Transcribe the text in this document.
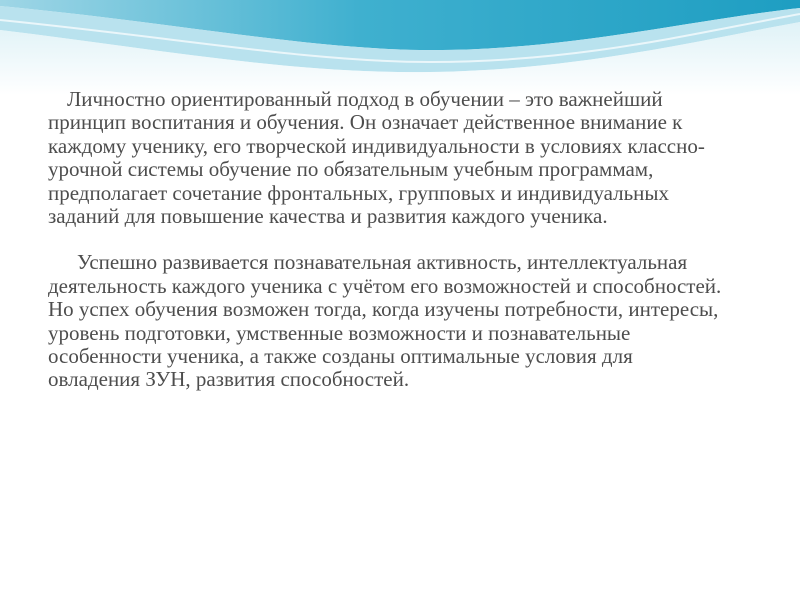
Личностно ориентированный подход в обучении – это важнейший принцип воспитания и обучения. Он означает действенное внимание к каждому ученику, его творческой индивидуальности в условиях классно-урочной системы обучение по обязательным учебным программам, предполагает сочетание фронтальных, групповых и индивидуальных заданий для повышение качества и развития каждого ученика.

Успешно развивается познавательная активность, интеллектуальная деятельность каждого ученика с учётом его возможностей и способностей. Но успех обучения возможен тогда, когда изучены потребности, интересы, уровень подготовки, умственные возможности и познавательные особенности ученика, а также созданы оптимальные условия для овладения ЗУН, развития способностей.
